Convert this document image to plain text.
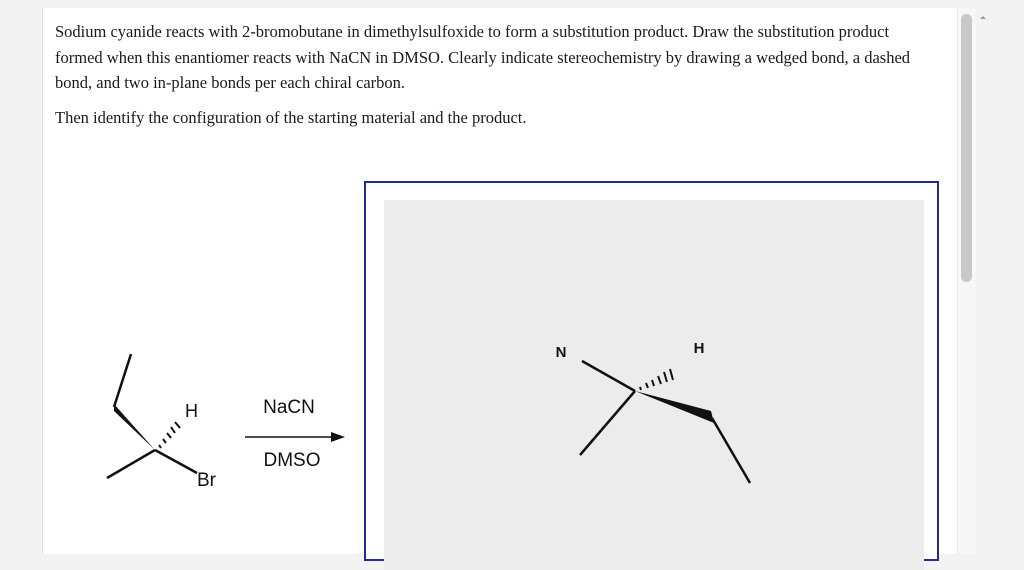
Sodium cyanide reacts with 2-bromobutane in dimethylsulfoxide to form a substitution product. Draw the substitution product formed when this enantiomer reacts with NaCN in DMSO. Clearly indicate stereochemistry by drawing a wedged bond, a dashed bond, and two in-plane bonds per each chiral carbon.

Then identify the configuration of the starting material and the product.

H
Br
NaCN
DMSO
N	H
